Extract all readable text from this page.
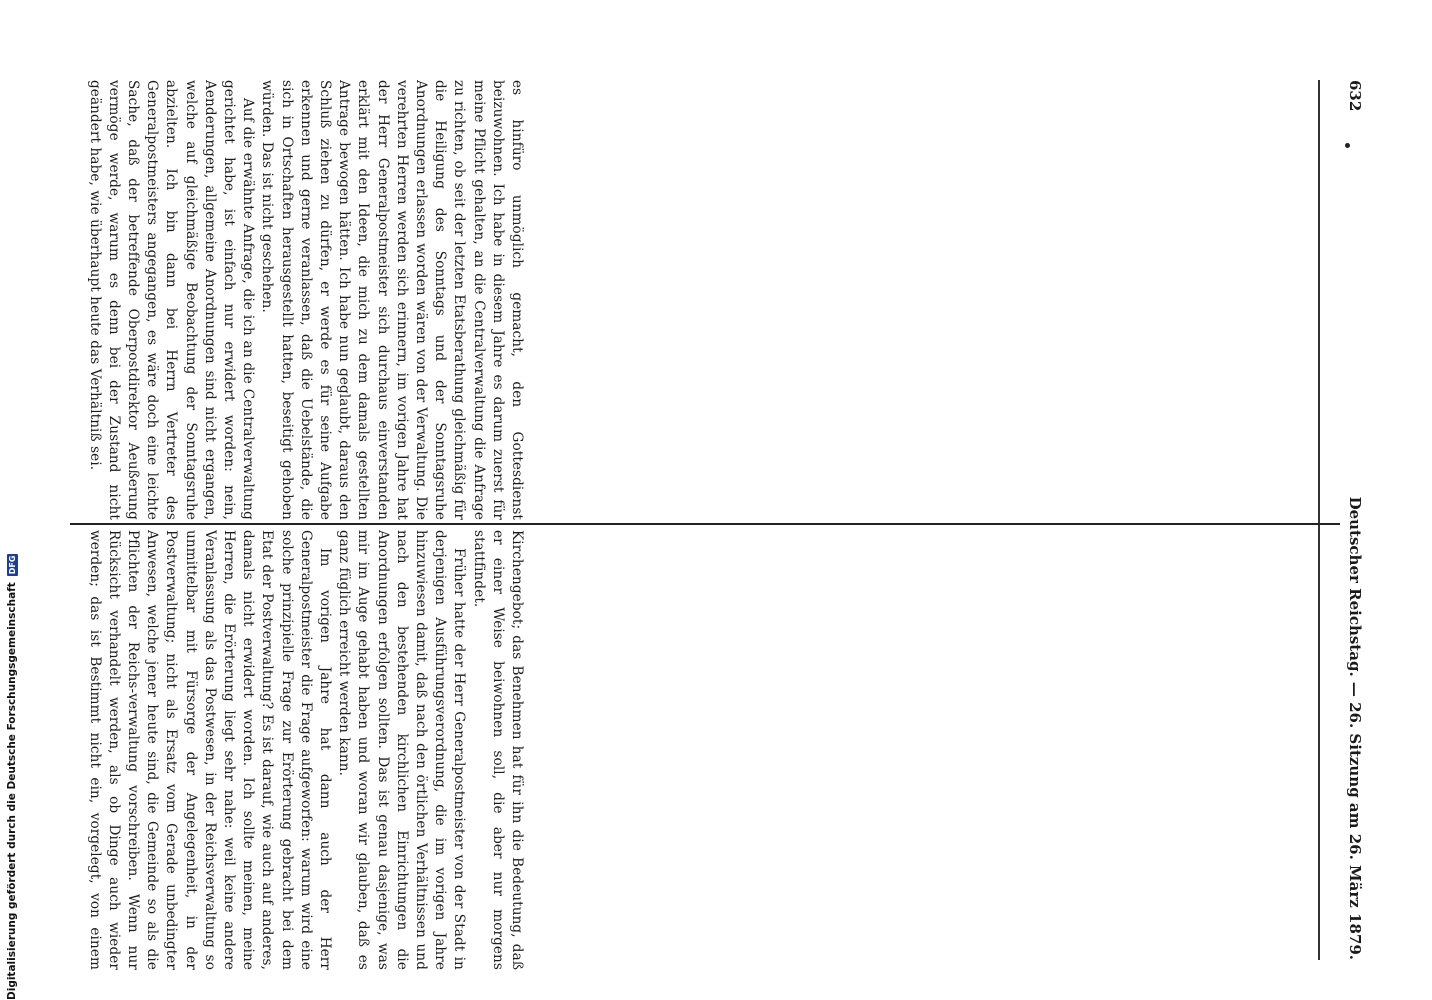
632
Deutscher Reichstag. — 26. Sitzung am 26. März 1879.

es hinfüro unmöglich gemacht, den Gottesdienst beizuwohnen. Ich habe in diesem Jahre es darum zuerst für meine Pflicht gehalten, an die Centralverwaltung die Anfrage zu richten, ob seit der letzten Etatsberathung gleichmäßig für die Heiligung des Sonntags und der Sonntagsruhe Anordnungen erlassen worden wären von der Verwaltung. Die verehrten Herren werden sich erinnern, im vorigen Jahre hat der Herr Generalpostmeister sich durchaus einverstanden erklärt mit den Ideen, die mich zu dem damals gestellten Antrage bewogen hätten. Ich habe nun geglaubt, daraus den Schluß ziehen zu dürfen, er werde es für seine Aufgabe erkennen und gerne veranlassen, daß die Uebelstände, die sich in Ortschaften herausgestellt hatten, beseitigt gehoben würden. Das ist nicht geschehen.

Auf die erwähnte Anfrage, die ich an die Centralverwaltung gerichtet habe, ist einfach nur erwidert worden: nein, Aenderungen, allgemeine Anordnungen sind nicht ergangen, welche auf gleichmäßige Beobachtung der Sonntagsruhe abzielten. Ich bin dann bei Herrn Vertreter des Generalpostmeisters angegangen, es wäre doch eine leichte Sache, daß der betreffende Oberpostdirektor Aeußerung vermöge werde, warum es denn bei der Zustand nicht geändert habe, wie überhaupt heute das Verhältniß sei.

Kirchengebot; das Benehmen hat für ihn die Bedeutung, daß er einer Weise beiwohnen soll, die aber nur morgens stattfindet.

Früher hatte der Herr Generalpostmeister von der Stadt in derjenigen Ausführungsverordnung, die im vorigen Jahre hinzuwiesen damit, daß nach den örtlichen Verhältnissen und nach den bestehenden kirchlichen Einrichtungen die Anordnungen erfolgen sollten. Das ist genau dasjenige, was mir im Auge gehabt haben und woran wir glauben, daß es ganz füglich erreicht werden kann.

Im vorigen Jahre hat dann auch der Herr Generalpostmeister die Frage aufgeworfen: warum wird eine solche prinzipielle Frage zur Erörterung gebracht bei dem Etat der Postverwaltung? Es ist darauf, wie auch auf anderes, damals nicht erwidert worden. Ich sollte meinen, meine Herren, die Erörterung liegt sehr nahe: weil keine andere Veranlassung als das Postwesen, in der Reichsverwaltung so unmittelbar mit Fürsorge der Angelegenheit, in der Postverwaltung; nicht als Ersatz vom Gerade unbedingter Anwesen, welche jener heute sind, die Gemeinde so als die Pflichten der Reichs-verwaltung vorschreiben. Wenn nur Rücksicht verhandelt werden, als ob Dinge auch wieder werden; das ist Bestimmt nicht ein, vorgelegt, von einem

Digitalisierung gefördert durch die Deutsche Forschungsgemeinschaft
DFG
